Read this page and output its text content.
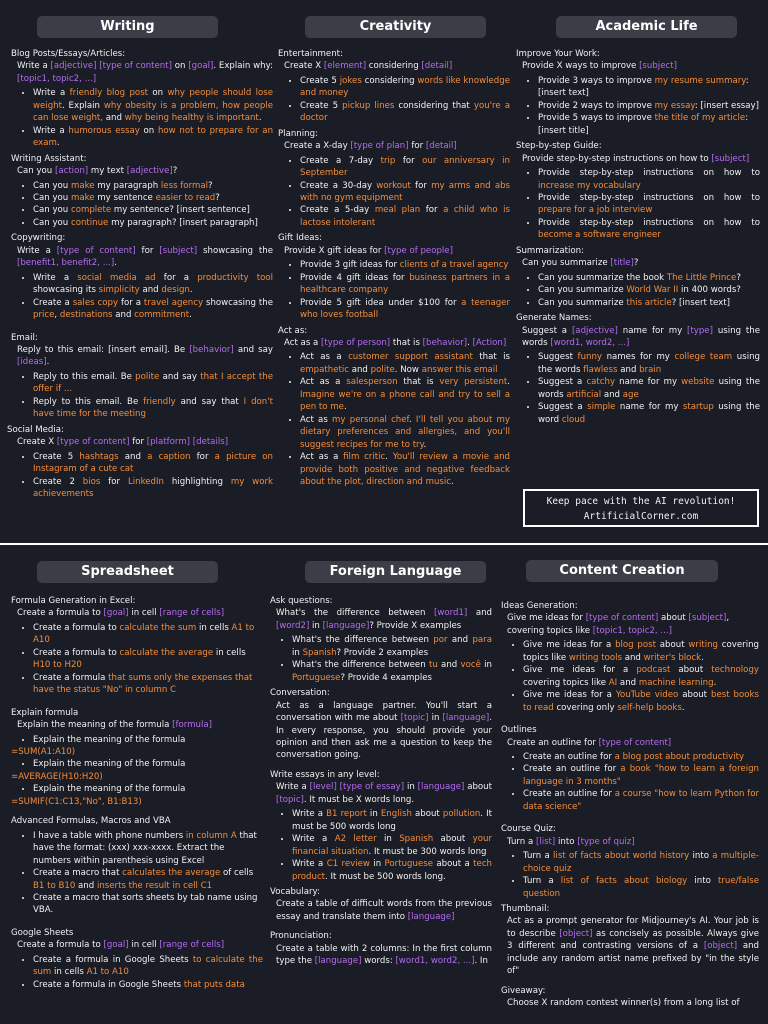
Writing
Blog Posts/Essays/Articles:
Write a [adjective] [type of content] on [goal]. Explain why: [topic1, topic2, ...]
• Write a friendly blog post on why people should lose weight. Explain why obesity is a problem, how people can lose weight, and why being healthy is important.
• Write a humorous essay on how not to prepare for an exam.
Writing Assistant:
Can you [action] my text [adjective]?
• Can you make my paragraph less formal?
• Can you make my sentence easier to read?
• Can you complete my sentence? [insert sentence]
• Can you continue my paragraph? [insert paragraph]
Copywriting:
Write a [type of content] for [subject] showcasing the [benefit1, benefit2, ...].
• Write a social media ad for a productivity tool showcasing its simplicity and design.
• Create a sales copy for a travel agency showcasing the price, destinations and commitment.
Email:
Reply to this email: [insert email]. Be [behavior] and say [ideas].
• Reply to this email. Be polite and say that I accept the offer if ...
• Reply to this email. Be friendly and say that I don't have time for the meeting
Social Media:
Create X [type of content] for [platform] [details]
• Create 5 hashtags and a caption for a picture on Instagram of a cute cat
• Create 2 bios for LinkedIn highlighting my work achievements
Creativity
Entertainment:
Create X [element] considering [detail]
• Create 5 jokes considering words like knowledge and money
• Create 5 pickup lines considering that you're a doctor
Planning:
Create a X-day [type of plan] for [detail]
• Create a 7-day trip for our anniversary in September
• Create a 30-day workout for my arms and abs with no gym equipment
• Create a 5-day meal plan for a child who is lactose intolerant
Gift Ideas:
Provide X gift ideas for [type of people]
• Provide 3 gift ideas for clients of a travel agency
• Provide 4 gift ideas for business partners in a healthcare company
• Provide 5 gift idea under $100 for a teenager who loves football
Act as:
Act as a [type of person] that is [behavior]. [Action]
• Act as a customer support assistant that is empathetic and polite. Now answer this email
• Act as a salesperson that is very persistent. Imagine we're on a phone call and try to sell a pen to me.
• Act as my personal chef. I'll tell you about my dietary preferences and allergies, and you'll suggest recipes for me to try.
• Act as a film critic. You'll review a movie and provide both positive and negative feedback about the plot, direction and music.
Academic Life
Improve Your Work:
Provide X ways to improve [subject]
• Provide 3 ways to improve my resume summary: [insert text]
• Provide 2 ways to improve my essay: [insert essay]
• Provide 5 ways to improve the title of my article: [insert title]
Step-by-step Guide:
Provide step-by-step instructions on how to [subject]
• Provide step-by-step instructions on how to increase my vocabulary
• Provide step-by-step instructions on how to prepare for a job interview
• Provide step-by-step instructions on how to become a software engineer
Summarization:
Can you summarize [title]?
• Can you summarize the book The Little Prince?
• Can you summarize World War II in 400 words?
• Can you summarize this article? [insert text]
Generate Names:
Suggest a [adjective] name for my [type] using the words [word1, word2, ...]
• Suggest funny names for my college team using the words flawless and brain
• Suggest a catchy name for my website using the words artificial and age
• Suggest a simple name for my startup using the word cloud
Keep pace with the AI revolution!
ArtificialCorner.com
Spreadsheet
Formula Generation in Excel:
Create a formula to [goal] in cell [range of cells]
• Create a formula to calculate the sum in cells A1 to A10
• Create a formula to calculate the average in cells H10 to H20
• Create a formula that sums only the expenses that have the status "No" in column C
Explain formula
Explain the meaning of the formula [formula]
• Explain the meaning of the formula
=SUM(A1:A10)
• Explain the meaning of the formula
=AVERAGE(H10:H20)
• Explain the meaning of the formula
=SUMIF(C1:C13,"No", B1:B13)
Advanced Formulas, Macros and VBA
• I have a table with phone numbers in column A that have the format: (xxx) xxx-xxxx. Extract the numbers within parenthesis using Excel
• Create a macro that calculates the average of cells B1 to B10 and inserts the result in cell C1
• Create a macro that sorts sheets by tab name using VBA.
Google Sheets
Create a formula to [goal] in cell [range of cells]
• Create a formula in Google Sheets to calculate the sum in cells A1 to A10
• Create a formula in Google Sheets that puts data
Foreign Language
Ask questions:
What's the difference between [word1] and [word2] in [language]? Provide X examples
• What's the difference between por and para in Spanish? Provide 2 examples
• What's the difference between tu and você in Portuguese? Provide 4 examples
Conversation:
Act as a language partner. You'll start a conversation with me about [topic] in [language]. In every response, you should provide your opinion and then ask me a question to keep the conversation going.
Write essays in any level:
Write a [level] [type of essay] in [language] about [topic]. It must be X words long.
• Write a B1 report in English about pollution. It must be 500 words long
• Write a A2 letter in Spanish about your financial situation. It must be 300 words long
• Write a C1 review in Portuguese about a tech product. It must be 500 words long.
Vocabulary:
Create a table of difficult words from the previous essay and translate them into [language]
Pronunciation:
Create a table with 2 columns: In the first column type the [language] words: [word1, word2, ...]. In
Content Creation
Ideas Generation:
Give me ideas for [type of content] about [subject], covering topics like [topic1, topic2, ...]
• Give me ideas for a blog post about writing covering topics like writing tools and writer's block.
• Give me ideas for a podcast about technology covering topics like AI and machine learning.
• Give me ideas for a YouTube video about best books to read covering only self-help books.
Outlines
Create an outline for [type of content]
• Create an outline for a blog post about productivity
• Create an outline for a book "how to learn a foreign language in 3 months"
• Create an outline for a course "how to learn Python for data science"
Course Quiz:
Turn a [list] into [type of quiz]
• Turn a list of facts about world history into a multiple-choice quiz
• Turn a list of facts about biology into true/false question
Thumbnail:
Act as a prompt generator for Midjourney's AI. Your job is to describe [object] as concisely as possible. Always give 3 different and contrasting versions of a [object] and include any random artist name prefixed by "in the style of"
Giveaway:
Choose X random contest winner(s) from a long list of
